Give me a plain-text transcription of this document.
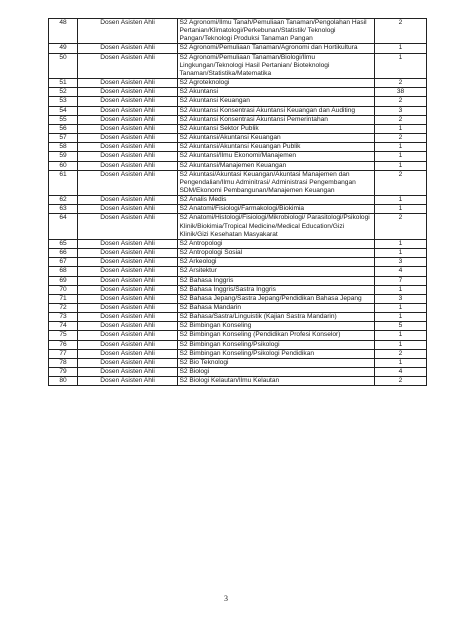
48	Dosen Asisten Ahli	S2 Agronomi/Ilmu Tanah/Pemuliaan Tanaman/Pengolahan Hasil Pertanian/Klimatologi/Perkebunan/Statistik/ Teknologi Pangan/Teknologi Produksi Tanaman Pangan	2
49	Dosen Asisten Ahli	S2 Agronomi/Pemuliaan Tanaman/Agronomi dan Hortikultura	1
50	Dosen Asisten Ahli	S2 Agronomi/Pemuliaan Tanaman/Biologi/Ilmu Lingkungan/Teknologi Hasil Pertanian/ Bioteknologi Tanaman/Statistika/Matematika	1
51	Dosen Asisten Ahli	S2 Agroteknologi	2
52	Dosen Asisten Ahli	S2 Akuntansi	38
53	Dosen Asisten Ahli	S2 Akuntansi Keuangan	2
54	Dosen Asisten Ahli	S2 Akuntansi Konsentrasi Akuntansi Keuangan dan Auditing	3
55	Dosen Asisten Ahli	S2 Akuntansi Konsentrasi Akuntansi Pemerintahan	2
56	Dosen Asisten Ahli	S2 Akuntansi Sektor Publik	1
57	Dosen Asisten Ahli	S2 Akuntansi/Akuntansi Keuangan	2
58	Dosen Asisten Ahli	S2 Akuntansi/Akuntansi Keuangan Publik	1
59	Dosen Asisten Ahli	S2 Akuntansi/Ilmu Ekonomi/Manajemen	1
60	Dosen Asisten Ahli	S2 Akuntansi/Manajemen Keuangan	1
61	Dosen Asisten Ahli	S2 Akuntasi/Akuntasi Keuangan/Akuntasi Manajemen dan Pengendalian/Ilmu Adminitrasi/ Administrasi Pengembangan SDM/Ekonomi Pembangunan/Manajemen Keuangan	2
62	Dosen Asisten Ahli	S2 Analis Medis	1
63	Dosen Asisten Ahli	S2 Anatomi/Fisiologi/Farmakologi/Biokimia	1
64	Dosen Asisten Ahli	S2 Anatomi/Histologi/Fisiologi/Mikrobiologi/ Parasitologi/Psikologi Klinik/Biokimia/Tropical Medicine/Medical Education/Gizi Klinik/Gizi Kesehatan Masyakarat	2
65	Dosen Asisten Ahli	S2 Antropologi	1
66	Dosen Asisten Ahli	S2 Antropologi Sosial	1
67	Dosen Asisten Ahli	S2 Arkeologi	3
68	Dosen Asisten Ahli	S2 Arsitektur	4
69	Dosen Asisten Ahli	S2 Bahasa Inggris	7
70	Dosen Asisten Ahli	S2 Bahasa Inggris/Sastra Inggris	1
71	Dosen Asisten Ahli	S2 Bahasa Jepang/Sastra Jepang/Pendidikan Bahasa Jepang	3
72	Dosen Asisten Ahli	S2 Bahasa Mandarin	1
73	Dosen Asisten Ahli	S2 Bahasa/Sastra/Linguistik (Kajian Sastra Mandarin)	1
74	Dosen Asisten Ahli	S2 Bimbingan Konseling	5
75	Dosen Asisten Ahli	S2 Bimbingan Konseling (Pendidikan Profesi Konselor)	1
76	Dosen Asisten Ahli	S2 Bimbingan Konseling/Psikologi	1
77	Dosen Asisten Ahli	S2 Bimbingan Konseling/Psikologi Pendidikan	2
78	Dosen Asisten Ahli	S2 Bio Teknologi	1
79	Dosen Asisten Ahli	S2 Biologi	4
80	Dosen Asisten Ahli	S2 Biologi Kelautan/Ilmu Kelautan	2
3
